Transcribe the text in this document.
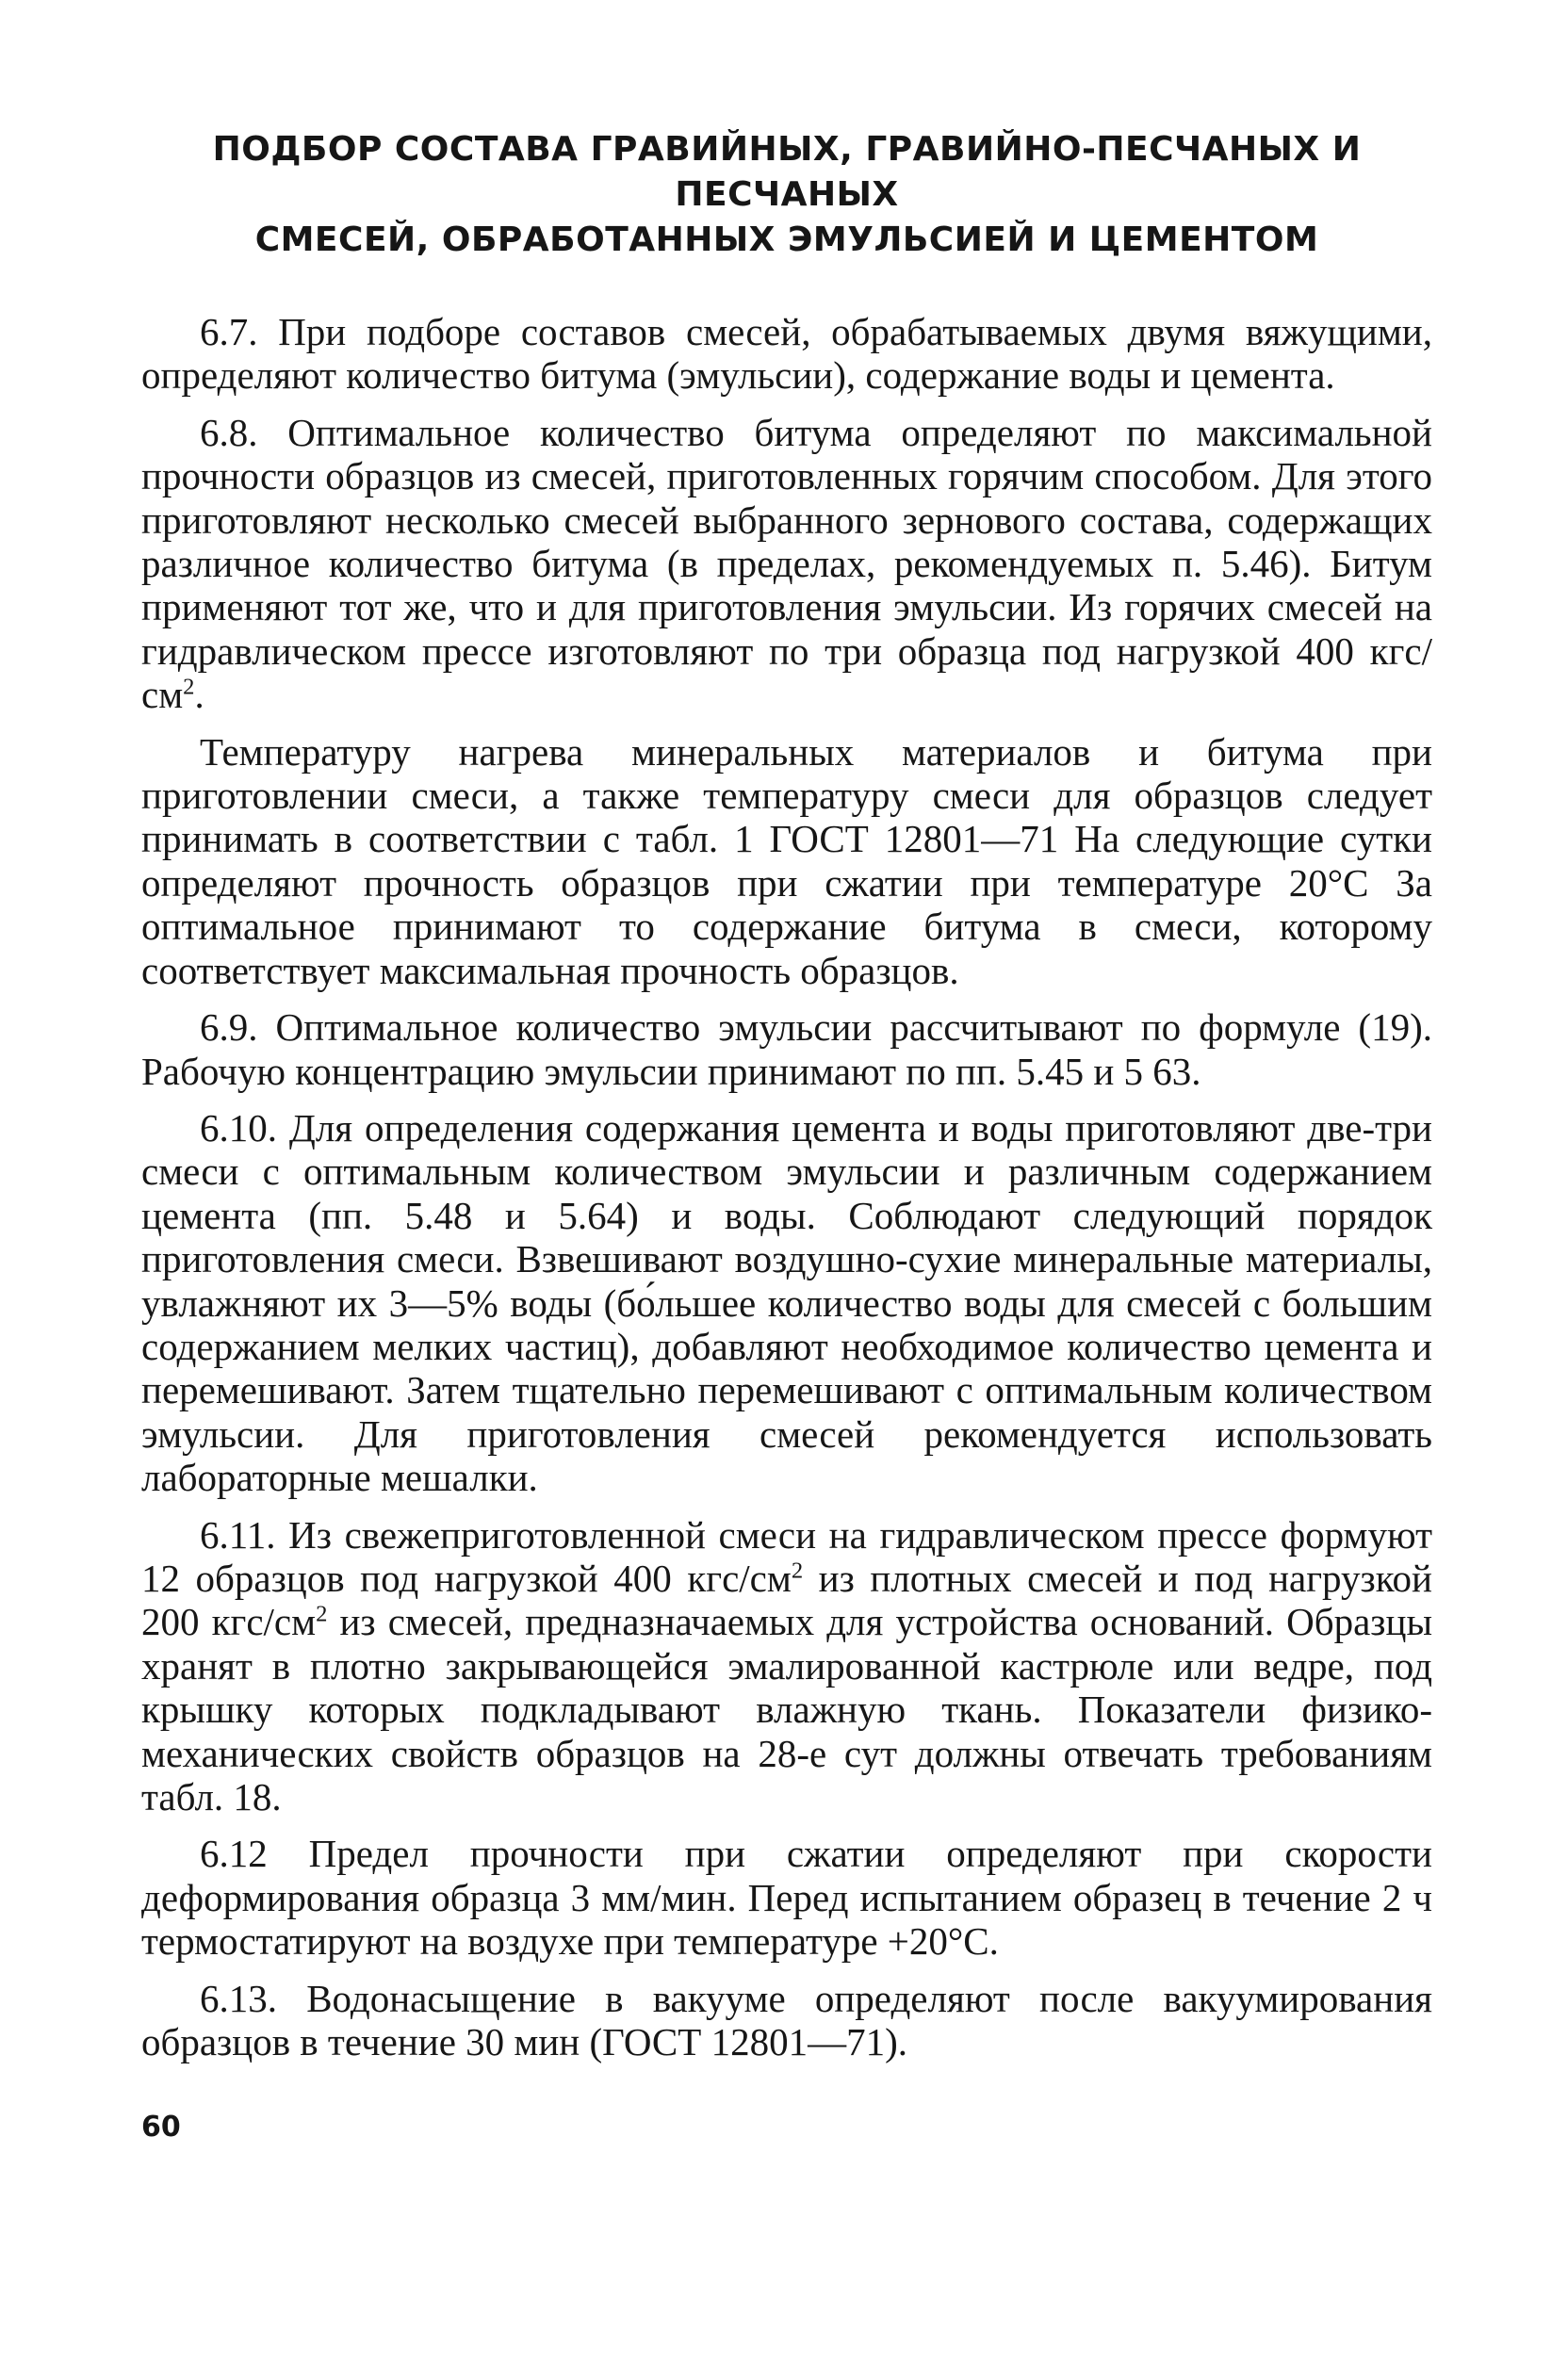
ПОДБОР СОСТАВА ГРАВИЙНЫХ, ГРАВИЙНО-ПЕСЧАНЫХ И ПЕСЧАНЫХ
СМЕСЕЙ, ОБРАБОТАННЫХ ЭМУЛЬСИЕЙ И ЦЕМЕНТОМ

6.7. При подборе составов смесей, обрабатываемых двумя вяжущими, определяют количество битума (эмульсии), содержание воды и цемента.

6.8. Оптимальное количество битума определяют по максимальной прочности образцов из смесей, приготовленных горячим способом. Для этого приготовляют несколько смесей выбранного зернового состава, содержащих различное количество битума (в пределах, рекомендуемых п. 5.46). Битум применяют тот же, что и для приготовления эмульсии. Из горячих смесей на гидравлическом прессе изготовляют по три образца под нагрузкой 400 кгс/$см^2$.

Температуру нагрева минеральных материалов и битума при приготовлении смеси, а также температуру смеси для образцов следует принимать в соответствии с табл. 1 ГОСТ 12801—71 На следующие сутки определяют прочность образцов при сжатии при температуре 20°С За оптимальное принимают то содержание битума в смеси, которому соответствует максимальная прочность образцов.

6.9. Оптимальное количество эмульсии рассчитывают по формуле (19). Рабочую концентрацию эмульсии принимают по пп. 5.45 и 5 63.

6.10. Для определения содержания цемента и воды приготовляют две-три смеси с оптимальным количеством эмульсии и различным содержанием цемента (пп. 5.48 и 5.64) и воды. Соблюдают следующий порядок приготовления смеси. Взвешивают воздушно-сухие минеральные материалы, увлажняют их 3—5% воды (бо́льшее количество воды для смесей с большим содержанием мелких частиц), добавляют необходимое количество цемента и перемешивают. Затем тщательно перемешивают с оптимальным количеством эмульсии. Для приготовления смесей рекомендуется использовать лабораторные мешалки.

6.11. Из свежеприготовленной смеси на гидравлическом прессе формуют 12 образцов под нагрузкой 400 кгс/$см^2$ из плотных смесей и под нагрузкой 200 кгс/$см^2$ из смесей, предназначаемых для устройства оснований. Образцы хранят в плотно закрывающейся эмалированной кастрюле или ведре, под крышку которых подкладывают влажную ткань. Показатели физико-механических свойств образцов на 28-е сут должны отвечать требованиям табл. 18.

6.12 Предел прочности при сжатии определяют при скорости деформирования образца 3 мм/мин. Перед испытанием образец в течение 2 ч термостатируют на воздухе при температуре +20°С.

6.13. Водонасыщение в вакууме определяют после вакуумирования образцов в течение 30 мин (ГОСТ 12801—71).

60
